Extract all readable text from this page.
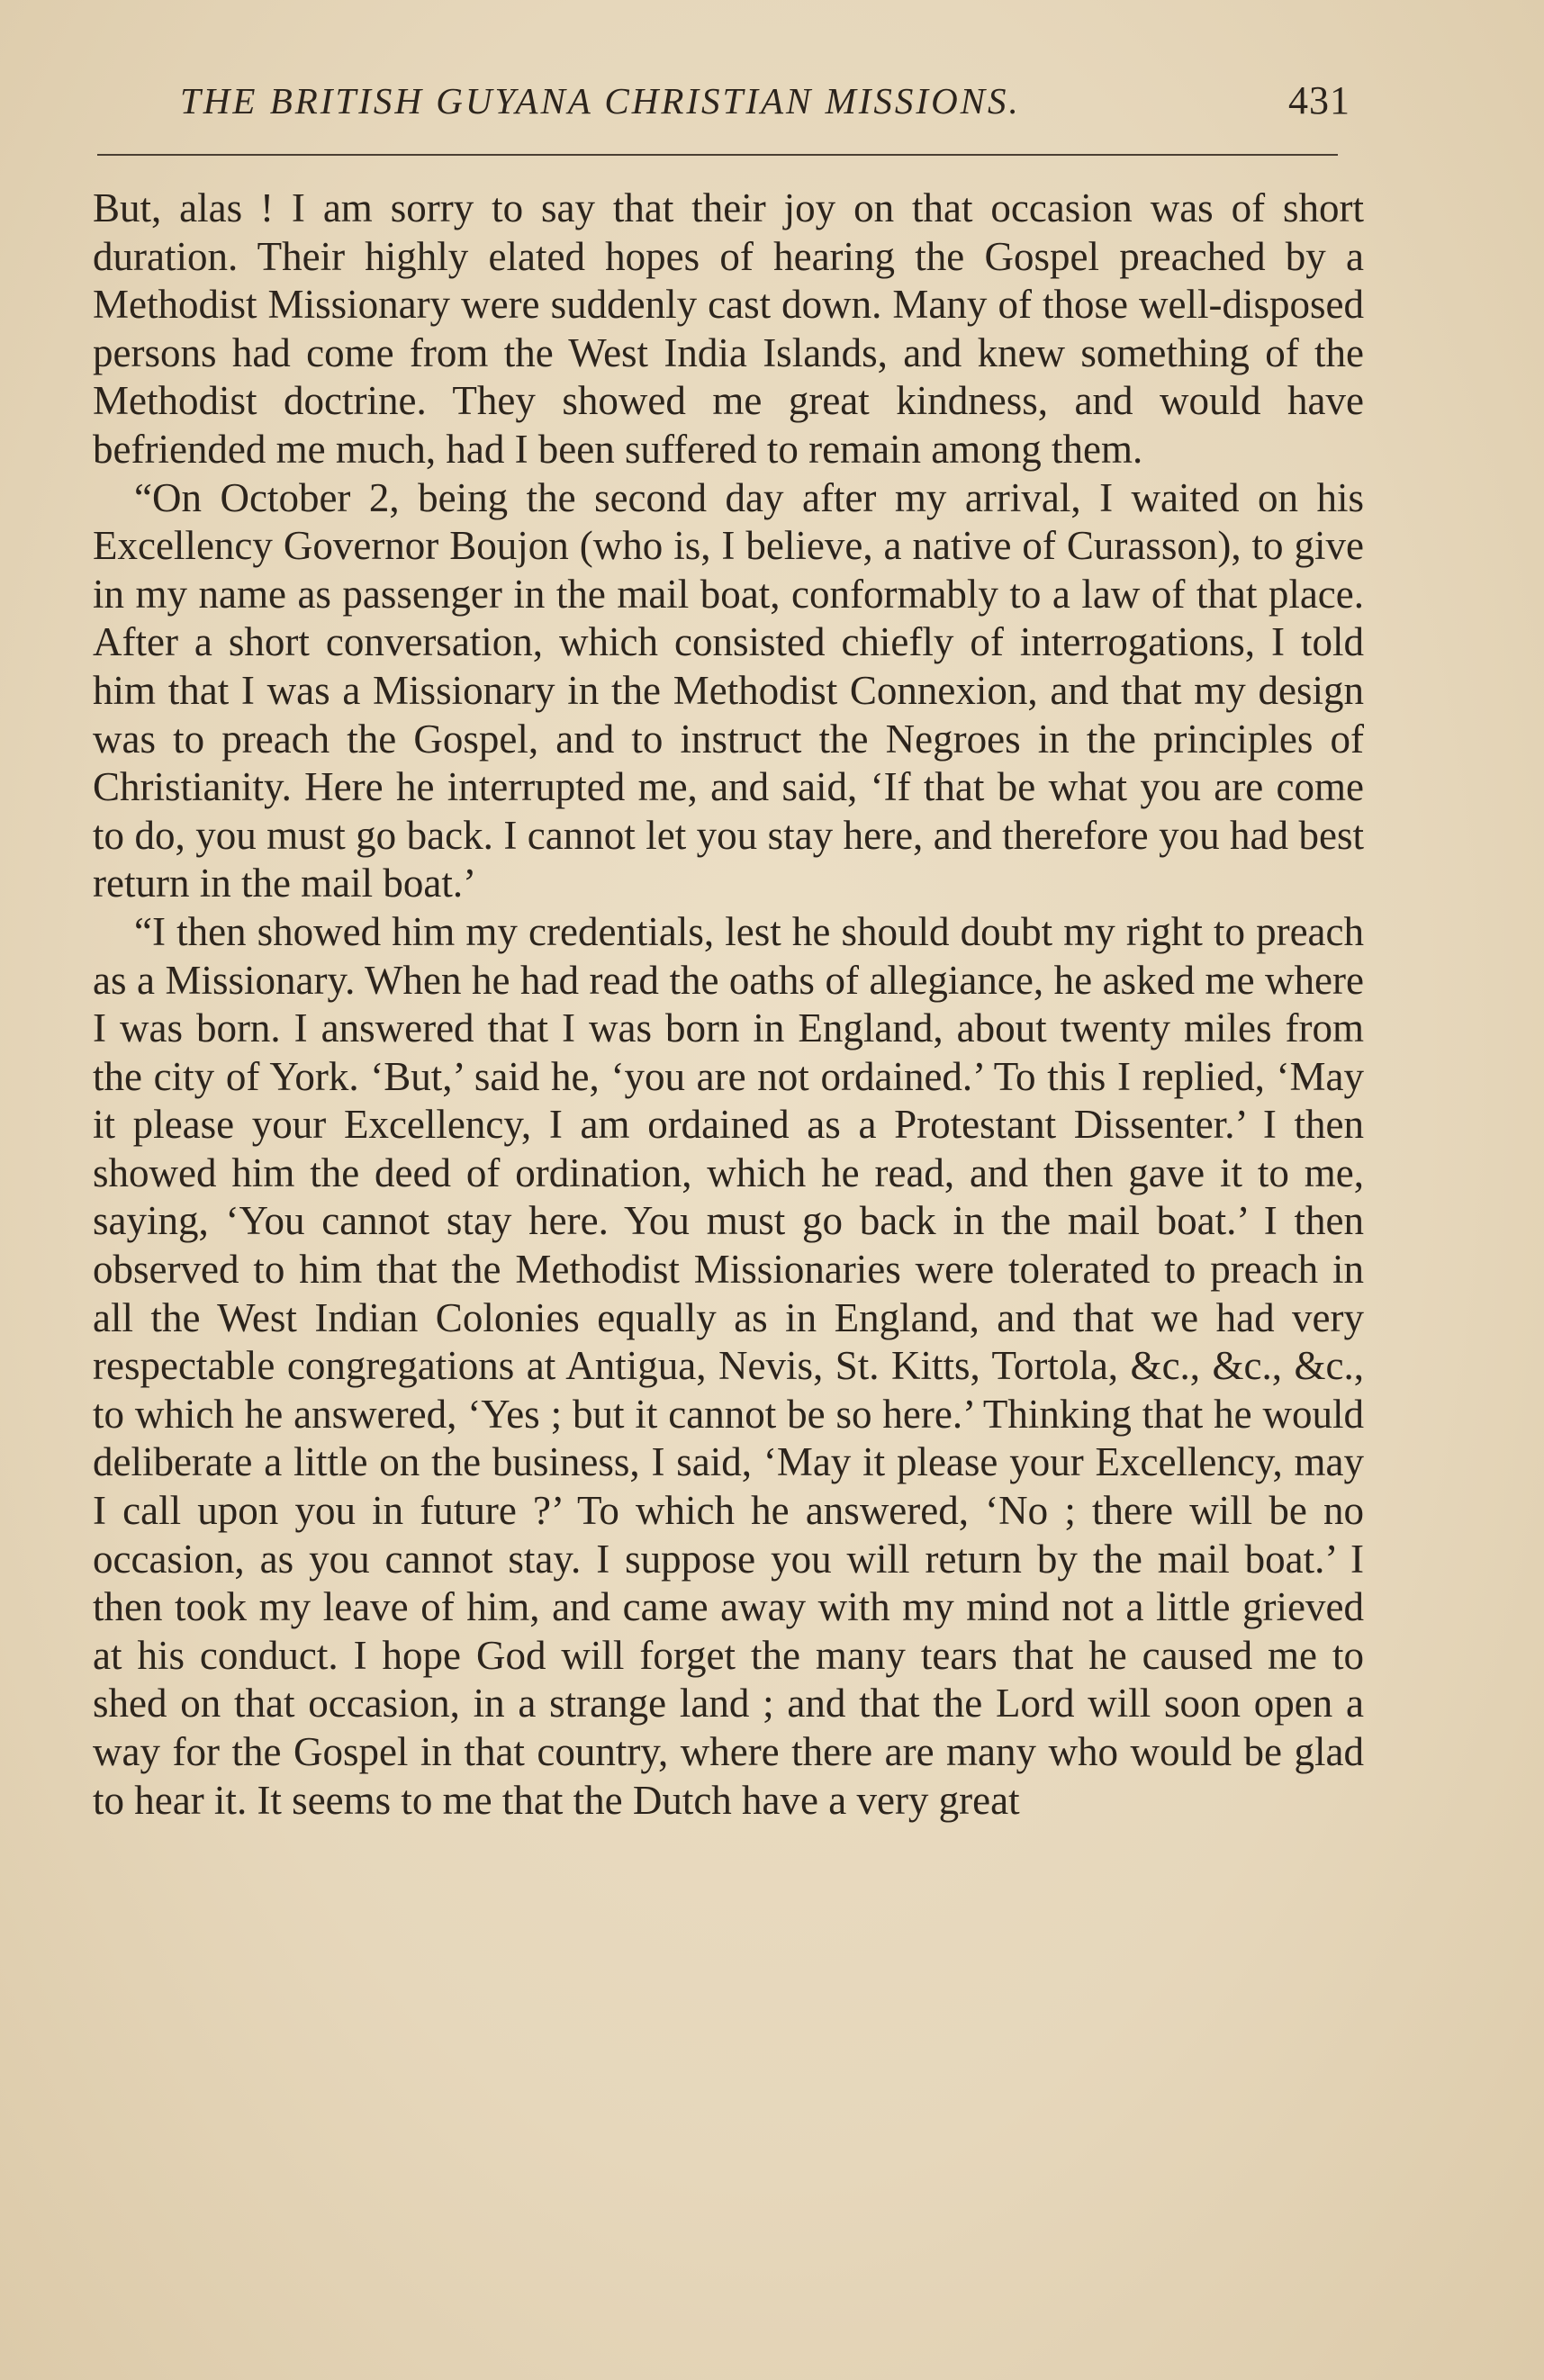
THE BRITISH GUYANA CHRISTIAN MISSIONS.	431

But, alas ! I am sorry to say that their joy on that occasion was of short duration. Their highly elated hopes of hearing the Gospel preached by a Methodist Missionary were suddenly cast down. Many of those well-disposed persons had come from the West India Islands, and knew something of the Methodist doctrine. They showed me great kindness, and would have befriended me much, had I been suffered to remain among them.

“On October 2, being the second day after my arrival, I waited on his Excellency Governor Boujon (who is, I believe, a native of Curasson), to give in my name as passenger in the mail boat, conformably to a law of that place. After a short conversation, which consisted chiefly of interrogations, I told him that I was a Missionary in the Methodist Connexion, and that my design was to preach the Gospel, and to instruct the Negroes in the principles of Christianity. Here he interrupted me, and said, ‘If that be what you are come to do, you must go back. I cannot let you stay here, and therefore you had best return in the mail boat.’

“I then showed him my credentials, lest he should doubt my right to preach as a Missionary. When he had read the oaths of allegiance, he asked me where I was born. I answered that I was born in England, about twenty miles from the city of York. ‘But,’ said he, ‘you are not ordained.’ To this I replied, ‘May it please your Excellency, I am ordained as a Protestant Dissenter.’ I then showed him the deed of ordination, which he read, and then gave it to me, saying, ‘You cannot stay here. You must go back in the mail boat.’ I then observed to him that the Methodist Missionaries were tolerated to preach in all the West Indian Colonies equally as in England, and that we had very respectable congregations at Antigua, Nevis, St. Kitts, Tortola, &c., &c., &c., to which he answered, ‘Yes ; but it cannot be so here.’ Thinking that he would deliberate a little on the business, I said, ‘May it please your Excellency, may I call upon you in future ?’ To which he answered, ‘No ; there will be no occasion, as you cannot stay. I suppose you will return by the mail boat.’ I then took my leave of him, and came away with my mind not a little grieved at his conduct. I hope God will forget the many tears that he caused me to shed on that occasion, in a strange land ; and that the Lord will soon open a way for the Gospel in that country, where there are many who would be glad to hear it. It seems to me that the Dutch have a very great
